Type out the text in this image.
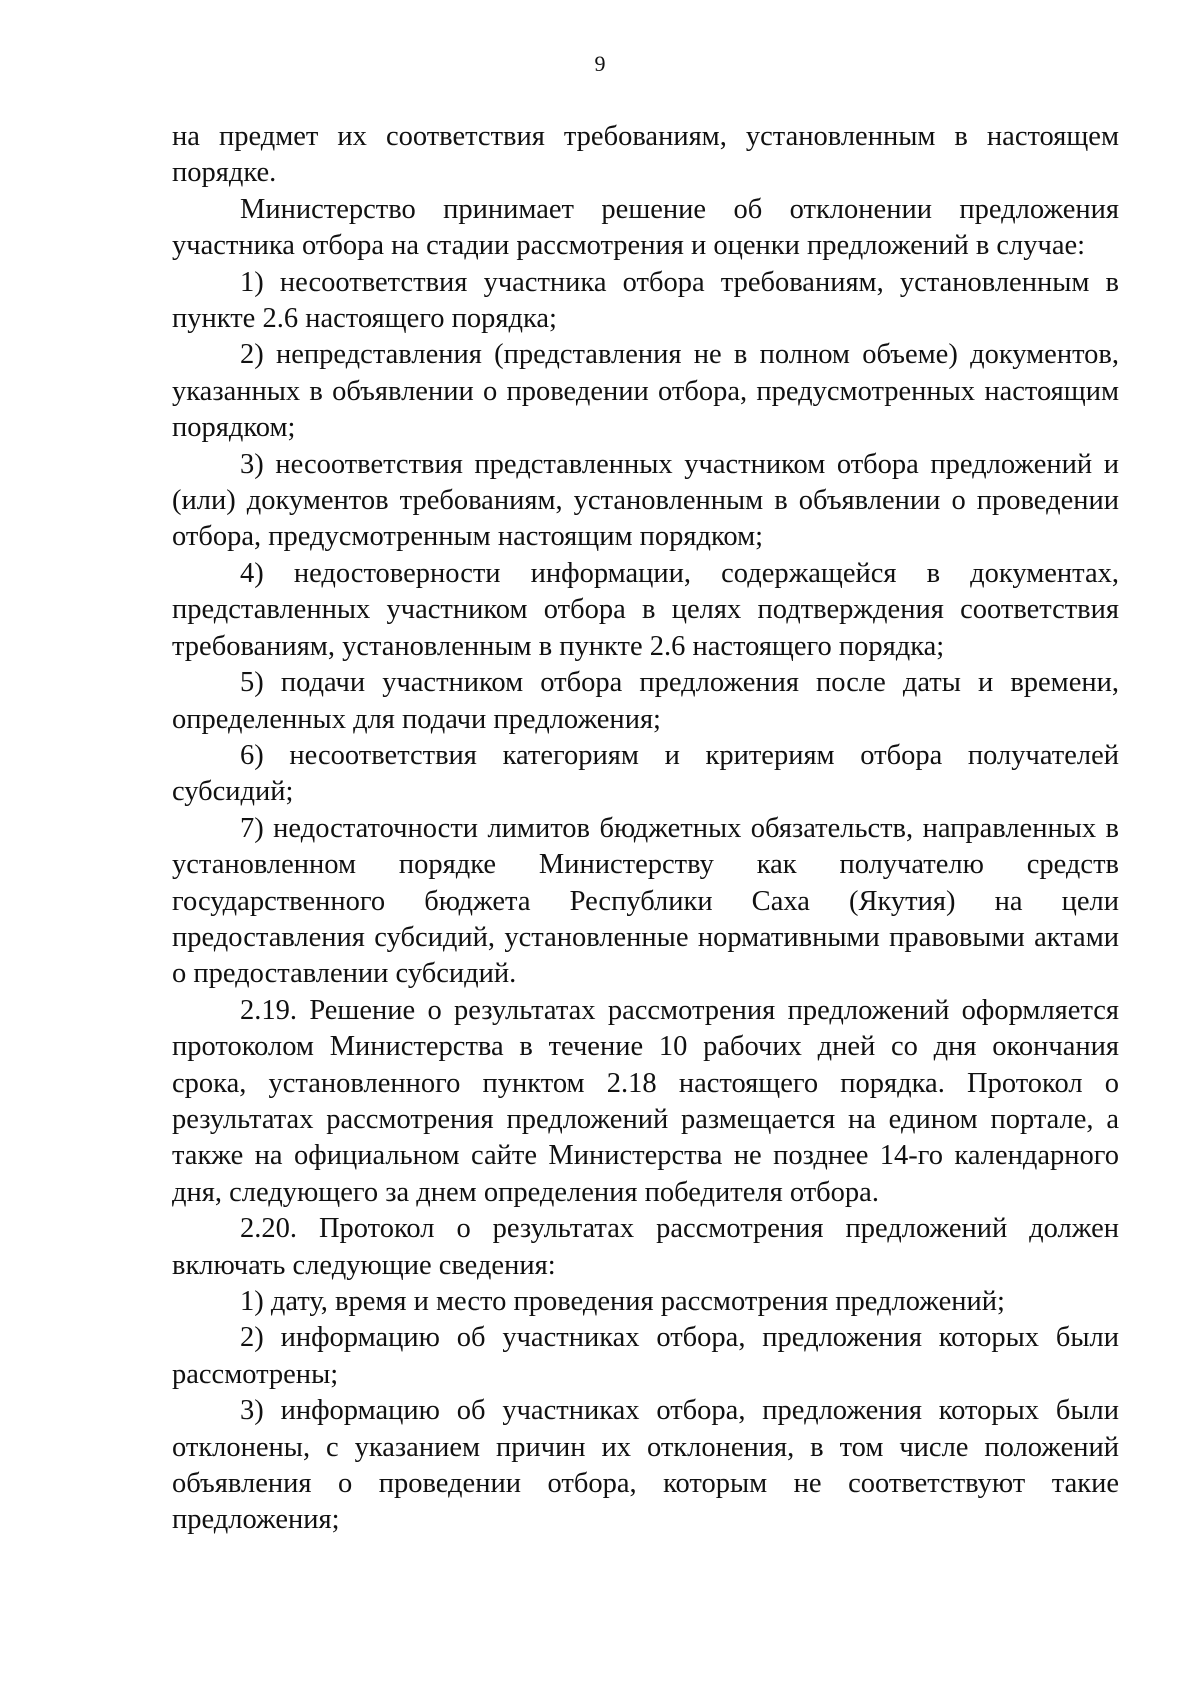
9

на предмет их соответствия требованиям, установленным в настоящем порядке.

Министерство принимает решение об отклонении предложения участника отбора на стадии рассмотрения и оценки предложений в случае:

1) несоответствия участника отбора требованиям, установленным в пункте 2.6 настоящего порядка;

2) непредставления (представления не в полном объеме) документов, указанных в объявлении о проведении отбора, предусмотренных настоящим порядком;

3) несоответствия представленных участником отбора предложений и (или) документов требованиям, установленным в объявлении о проведении отбора, предусмотренным настоящим порядком;

4) недостоверности информации, содержащейся в документах, представленных участником отбора в целях подтверждения соответствия требованиям, установленным в пункте 2.6 настоящего порядка;

5) подачи участником отбора предложения после даты и времени, определенных для подачи предложения;

6) несоответствия категориям и критериям отбора получателей субсидий;

7) недостаточности лимитов бюджетных обязательств, направленных в установленном порядке Министерству как получателю средств государственного бюджета Республики Саха (Якутия) на цели предоставления субсидий, установленные нормативными правовыми актами о предоставлении субсидий.

2.19. Решение о результатах рассмотрения предложений оформляется протоколом Министерства в течение 10 рабочих дней со дня окончания срока, установленного пунктом 2.18 настоящего порядка. Протокол о результатах рассмотрения предложений размещается на едином портале, а также на официальном сайте Министерства не позднее 14-го календарного дня, следующего за днем определения победителя отбора.

2.20. Протокол о результатах рассмотрения предложений должен включать следующие сведения:

1) дату, время и место проведения рассмотрения предложений;

2) информацию об участниках отбора, предложения которых были рассмотрены;

3) информацию об участниках отбора, предложения которых были отклонены, с указанием причин их отклонения, в том числе положений объявления о проведении отбора, которым не соответствуют такие предложения;
